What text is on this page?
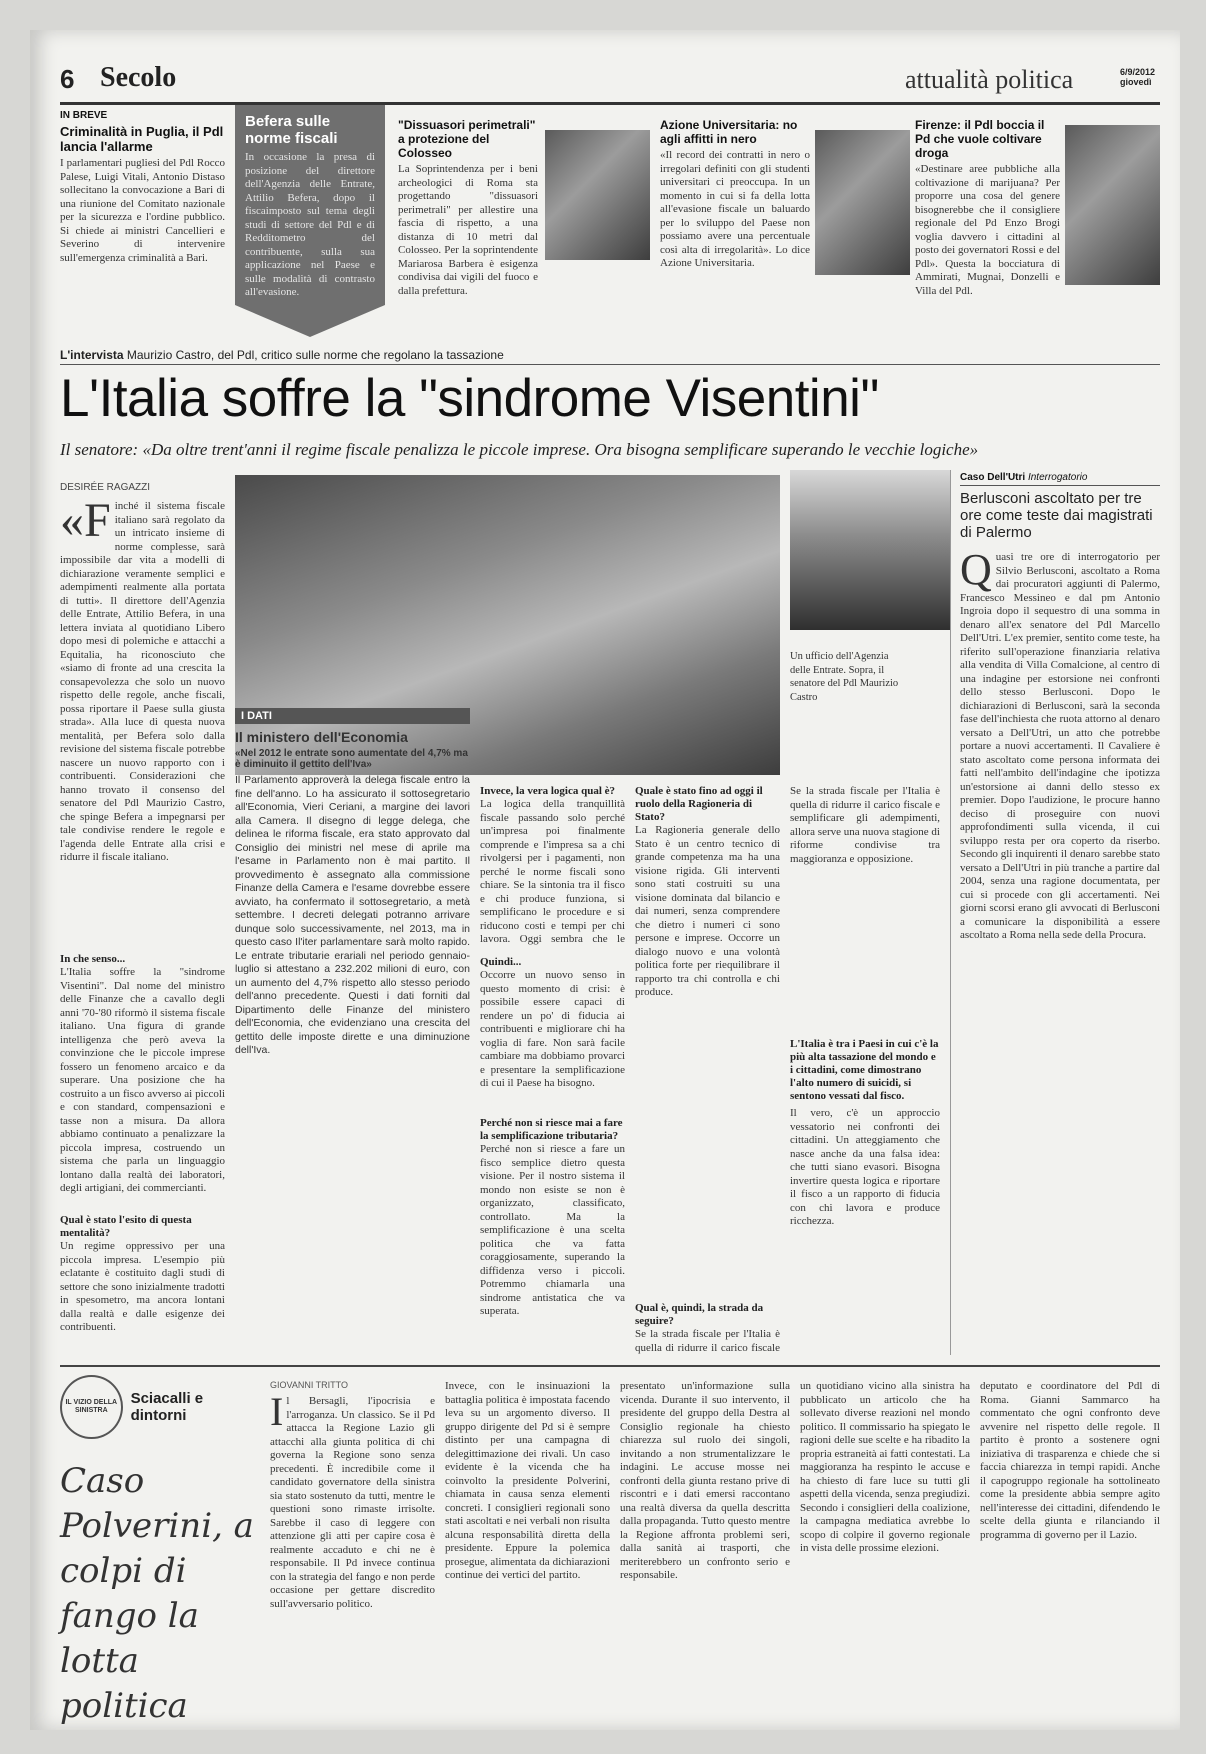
6 Secolo	attualità politica	6/9/2012
giovedì
IN BREVE
Criminalità in Puglia, il Pdl lancia l'allarme
I parlamentari pugliesi del Pdl Rocco Palese, Luigi Vitali, Antonio Distaso sollecitano la convocazione a Bari di una riunione del Comitato nazionale per la sicurezza e l'ordine pubblico. Si chiede ai ministri Cancellieri e Severino di intervenire sull'emergenza criminalità a Bari.
Befera sulle norme fiscali
In occasione la presa di posizione del direttore dell'Agenzia delle Entrate, Attilio Befera, dopo il fiscaimposto sul tema degli studi di settore del Pdl e di Redditometro del contribuente, sulla sua applicazione nel Paese e sulle modalità di contrasto all'evasione.
"Dissuasori perimetrali" a protezione del Colosseo
La Soprintendenza per i beni archeologici di Roma sta progettando "dissuasori perimetrali" per allestire una fascia di rispetto, a una distanza di 10 metri dal Colosseo. Per la soprintendente Mariarosa Barbera è esigenza condivisa dai vigili del fuoco e dalla prefettura.
Azione Universitaria: no agli affitti in nero
«Il record dei contratti in nero o irregolari definiti con gli studenti universitari ci preoccupa. In un momento in cui si fa della lotta all'evasione fiscale un baluardo per lo sviluppo del Paese non possiamo avere una percentuale così alta di irregolarità». Lo dice Azione Universitaria.
Firenze: il Pdl boccia il Pd che vuole coltivare droga
«Destinare aree pubbliche alla coltivazione di marijuana? Per proporre una cosa del genere bisognerebbe che il consigliere regionale del Pd Enzo Brogi voglia davvero i cittadini al posto dei governatori Rossi e del Pdl». Questa la bocciatura di Ammirati, Mugnai, Donzelli e Villa del Pdl.
L'intervista Maurizio Castro, del Pdl, critico sulle norme che regolano la tassazione
L'Italia soffre la "sindrome Visentini"
Il senatore: «Da oltre trent'anni il regime fiscale penalizza le piccole imprese. Ora bisogna semplificare superando le vecchie logiche»
DESIRÉE RAGAZZI
«F inché il sistema fiscale italiano sarà regolato da un intricato insieme di norme complesse, sarà impossibile dar vita a modelli di dichiarazione veramente semplici e adempimenti realmente alla portata di tutti». Il direttore dell'Agenzia delle Entrate, Attilio Befera, in una lettera inviata al quotidiano Libero dopo mesi di polemiche e attacchi a Equitalia, ha riconosciuto che «siamo di fronte ad una crescita la consapevolezza che solo un nuovo rispetto delle regole, anche fiscali, possa riportare il Paese sulla giusta strada». Alla luce di questa nuova mentalità, per Befera solo dalla revisione del sistema fiscale potrebbe nascere un nuovo rapporto con i contribuenti. Considerazioni che hanno trovato il consenso del senatore del Pdl Maurizio Castro, che spinge Befera a impegnarsi per tale condivise rendere le regole e l'agenda delle Entrate alla crisi e ridurre il fiscale italiano.
In che senso...
L'Italia soffre la "sindrome Visentini". Dal nome del ministro delle Finanze che a cavallo degli anni '70-'80 riformò il sistema fiscale italiano. Una figura di grande intelligenza che però aveva la convinzione che le piccole imprese fossero un fenomeno arcaico e da superare. Una posizione che ha costruito a un fisco avverso ai piccoli e con standard, compensazioni e tasse non a misura. Da allora abbiamo continuato a penalizzare la piccola impresa, costruendo un sistema che parla un linguaggio lontano dalla realtà dei laboratori, degli artigiani, dei commercianti.
Qual è stato l'esito di questa mentalità?
Un regime oppressivo per una piccola impresa. L'esempio più eclatante è costituito dagli studi di settore che sono inizialmente tradotti in spesometro, ma ancora lontani dalla realtà e dalle esigenze dei contribuenti.
Un ufficio dell'Agenzia delle Entrate. Sopra, il senatore del Pdl Maurizio Castro
I DATI
Il ministero dell'Economia
«Nel 2012 le entrate sono aumentate del 4,7% ma è diminuito il gettito dell'Iva»
Il Parlamento approverà la delega fiscale entro la fine dell'anno. Lo ha assicurato il sottosegretario all'Economia, Vieri Ceriani, a margine dei lavori alla Camera. Il disegno di legge delega, che delinea le riforma fiscale, era stato approvato dal Consiglio dei ministri nel mese di aprile ma l'esame in Parlamento non è mai partito. Il provvedimento è assegnato alla commissione Finanze della Camera e l'esame dovrebbe essere avviato, ha confermato il sottosegretario, a metà settembre. I decreti delegati potranno arrivare dunque solo successivamente, nel 2013, ma in questo caso Il'iter parlamentare sarà molto rapido. Le entrate tributarie erariali nel periodo gennaio-luglio si attestano a 232.202 milioni di euro, con un aumento del 4,7% rispetto allo stesso periodo dell'anno precedente. Questi i dati forniti dal Dipartimento delle Finanze del ministero dell'Economia, che evidenziano una crescita del gettito delle imposte dirette e una diminuzione dell'Iva.
Invece, la vera logica qual è?
La logica della tranquillità fiscale passando solo perché un'impresa poi finalmente comprende e l'impresa sa a chi rivolgersi per i pagamenti, non perché le norme fiscali sono chiare. Se la sintonia tra il fisco e chi produce funziona, si semplificano le procedure e si riducono costi e tempi per chi lavora. Oggi sembra che le
Quindi...
Occorre un nuovo senso in questo momento di crisi: è possibile essere capaci di rendere un po' di fiducia ai contribuenti e migliorare chi ha voglia di fare. Non sarà facile cambiare ma dobbiamo provarci e presentare la semplificazione di cui il Paese ha bisogno.
Perché non si riesce mai a fare la semplificazione tributaria?
Perché non si riesce a fare un fisco semplice dietro questa visione. Per il nostro sistema il mondo non esiste se non è organizzato, classificato, controllato. Ma la semplificazione è una scelta politica che va fatta coraggiosamente, superando la diffidenza verso i piccoli. Potremmo chiamarla una sindrome antistatica che va superata.
Quale è stato fino ad oggi il ruolo della Ragioneria di Stato?
La Ragioneria generale dello Stato è un centro tecnico di grande competenza ma ha una visione rigida. Gli interventi sono stati costruiti su una visione dominata dal bilancio e dai numeri, senza comprendere che dietro i numeri ci sono persone e imprese. Occorre un dialogo nuovo e una volontà politica forte per riequilibrare il rapporto tra chi controlla e chi produce.
Qual è, quindi, la strada da seguire?
Se la strada fiscale per l'Italia è quella di ridurre il carico fiscale
Se la strada fiscale per l'Italia è quella di ridurre il carico fiscale e semplificare gli adempimenti, allora serve una nuova stagione di riforme condivise tra maggioranza e opposizione.
L'Italia è tra i Paesi in cui c'è la più alta tassazione del mondo e i cittadini, come dimostrano l'alto numero di suicidi, si sentono vessati dal fisco.
Il vero, c'è un approccio vessatorio nei confronti dei cittadini. Un atteggiamento che nasce anche da una falsa idea: che tutti siano evasori. Bisogna invertire questa logica e riportare il fisco a un rapporto di fiducia con chi lavora e produce ricchezza.
Caso Dell'Utri Interrogatorio
Berlusconi ascoltato per tre ore come teste dai magistrati di Palermo
Q uasi tre ore di interrogatorio per Silvio Berlusconi, ascoltato a Roma dai procuratori aggiunti di Palermo, Francesco Messineo e dal pm Antonio Ingroia dopo il sequestro di una somma in denaro all'ex senatore del Pdl Marcello Dell'Utri. L'ex premier, sentito come teste, ha riferito sull'operazione finanziaria relativa alla vendita di Villa Comalcione, al centro di una indagine per estorsione nei confronti dello stesso Berlusconi. Dopo le dichiarazioni di Berlusconi, sarà la seconda fase dell'inchiesta che ruota attorno al denaro versato a Dell'Utri, un atto che potrebbe portare a nuovi accertamenti. Il Cavaliere è stato ascoltato come persona informata dei fatti nell'ambito dell'indagine che ipotizza un'estorsione ai danni dello stesso ex premier. Dopo l'audizione, le procure hanno deciso di proseguire con nuovi approfondimenti sulla vicenda, il cui sviluppo resta per ora coperto da riserbo. Secondo gli inquirenti il denaro sarebbe stato versato a Dell'Utri in più tranche a partire dal 2004, senza una ragione documentata, per cui si procede con gli accertamenti. Nei giorni scorsi erano gli avvocati di Berlusconi a comunicare la disponibilità a essere ascoltato a Roma nella sede della Procura.
IL VIZIO DELLA SINISTRA
Sciacalli e dintorni
Caso Polverini, a colpi di fango la lotta politica
GIOVANNI TRITTO
I l Bersagli, l'ipocrisia e l'arroganza. Un classico. Se il Pd attacca la Regione Lazio gli attacchi alla giunta politica di chi governa la Regione sono senza precedenti. È incredibile come il candidato governatore della sinistra sia stato sostenuto da tutti, mentre le questioni sono rimaste irrisolte. Sarebbe il caso di leggere con attenzione gli atti per capire cosa è realmente accaduto e chi ne è responsabile. Il Pd invece continua con la strategia del fango e non perde occasione per gettare discredito sull'avversario politico.
Invece, con le insinuazioni la battaglia politica è impostata facendo leva su un argomento diverso. Il gruppo dirigente del Pd si è sempre distinto per una campagna di delegittimazione dei rivali. Un caso evidente è la vicenda che ha coinvolto la presidente Polverini, chiamata in causa senza elementi concreti. I consiglieri regionali sono stati ascoltati e nei verbali non risulta alcuna responsabilità diretta della presidente. Eppure la polemica prosegue, alimentata da dichiarazioni continue dei vertici del partito.
presentato un'informazione sulla vicenda. Durante il suo intervento, il presidente del gruppo della Destra al Consiglio regionale ha chiesto chiarezza sul ruolo dei singoli, invitando a non strumentalizzare le indagini. Le accuse mosse nei confronti della giunta restano prive di riscontri e i dati emersi raccontano una realtà diversa da quella descritta dalla propaganda. Tutto questo mentre la Regione affronta problemi seri, dalla sanità ai trasporti, che meriterebbero un confronto serio e responsabile.
un quotidiano vicino alla sinistra ha pubblicato un articolo che ha sollevato diverse reazioni nel mondo politico. Il commissario ha spiegato le ragioni delle sue scelte e ha ribadito la propria estraneità ai fatti contestati. La maggioranza ha respinto le accuse e ha chiesto di fare luce su tutti gli aspetti della vicenda, senza pregiudizi. Secondo i consiglieri della coalizione, la campagna mediatica avrebbe lo scopo di colpire il governo regionale in vista delle prossime elezioni.
deputato e coordinatore del Pdl di Roma. Gianni Sammarco ha commentato che ogni confronto deve avvenire nel rispetto delle regole. Il partito è pronto a sostenere ogni iniziativa di trasparenza e chiede che si faccia chiarezza in tempi rapidi. Anche il capogruppo regionale ha sottolineato come la presidente abbia sempre agito nell'interesse dei cittadini, difendendo le scelte della giunta e rilanciando il programma di governo per il Lazio.
